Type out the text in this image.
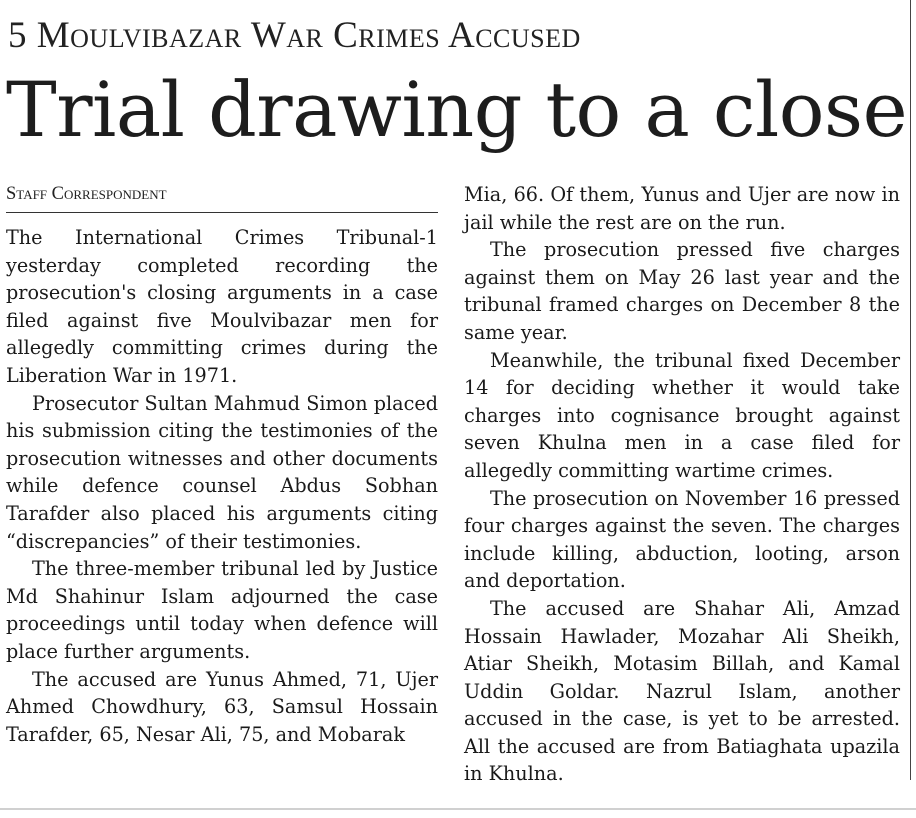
5 Moulvibazar War Crimes Accused
Trial drawing to a close
Staff Correspondent

The International Crimes Tribunal-1 yesterday completed recording the prosecution's closing arguments in a case filed against five Moulvibazar men for allegedly committing crimes during the Liberation War in 1971.

Prosecutor Sultan Mahmud Simon placed his submission citing the testimonies of the prosecution witnesses and other documents while defence counsel Abdus Sobhan Tarafder also placed his arguments citing “discrepancies” of their testimonies.

The three-member tribunal led by Justice Md Shahinur Islam adjourned the case proceedings until today when defence will place further arguments.

The accused are Yunus Ahmed, 71, Ujer Ahmed Chowdhury, 63, Samsul Hossain Tarafder, 65, Nesar Ali, 75, and Mobarak

Mia, 66. Of them, Yunus and Ujer are now in jail while the rest are on the run.

The prosecution pressed five charges against them on May 26 last year and the tribunal framed charges on December 8 the same year.

Meanwhile, the tribunal fixed December 14 for deciding whether it would take charges into cognisance brought against seven Khulna men in a case filed for allegedly committing wartime crimes.

The prosecution on November 16 pressed four charges against the seven. The charges include killing, abduction, looting, arson and deportation.

The accused are Shahar Ali, Amzad Hossain Hawlader, Mozahar Ali Sheikh, Atiar Sheikh, Motasim Billah, and Kamal Uddin Goldar. Nazrul Islam, another accused in the case, is yet to be arrested. All the accused are from Batiaghata upazila in Khulna.
